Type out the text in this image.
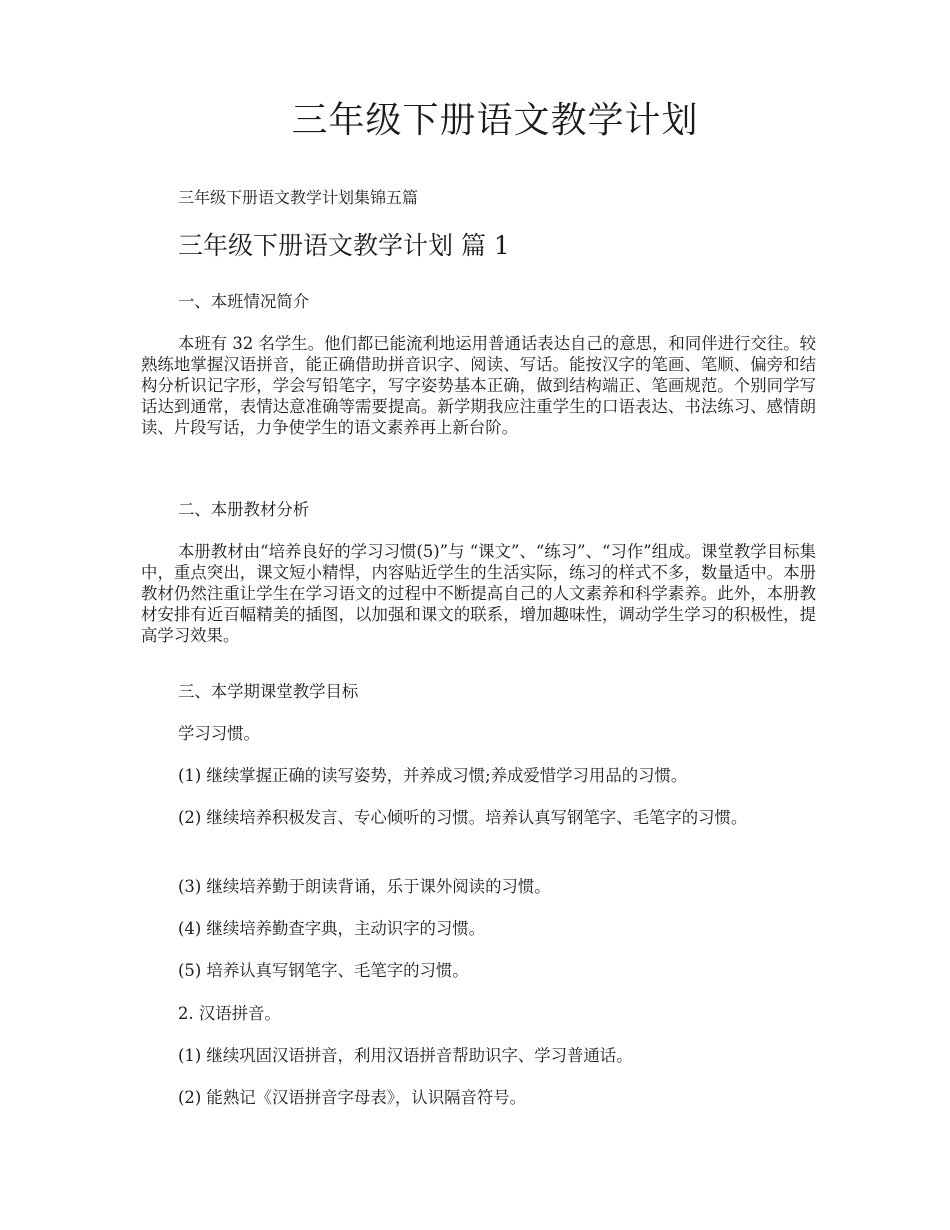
三年级下册语文教学计划

三年级下册语文教学计划集锦五篇

三年级下册语文教学计划 篇 1

一、本班情况简介

本班有 32 名学生。他们都已能流利地运用普通话表达自己的意思，和同伴进行交往。较熟练地掌握汉语拼音，能正确借助拼音识字、阅读、写话。能按汉字的笔画、笔顺、偏旁和结构分析识记字形，学会写铅笔字，写字姿势基本正确，做到结构端正、笔画规范。个别同学写话达到通常，表情达意准确等需要提高。新学期我应注重学生的口语表达、书法练习、感情朗读、片段写话，力争使学生的语文素养再上新台阶。

二、本册教材分析

本册教材由“培养良好的学习习惯(5)”与 “课文”、“练习”、“习作”组成。课堂教学目标集中，重点突出，课文短小精悍，内容贴近学生的生活实际，练习的样式不多，数量适中。本册教材仍然注重让学生在学习语文的过程中不断提高自己的人文素养和科学素养。此外，本册教材安排有近百幅精美的插图，以加强和课文的联系，增加趣味性，调动学生学习的积极性，提高学习效果。

三、本学期课堂教学目标

学习习惯。

(1) 继续掌握正确的读写姿势，并养成习惯;养成爱惜学习用品的习惯。

(2) 继续培养积极发言、专心倾听的习惯。培养认真写钢笔字、毛笔字的习惯。

(3) 继续培养勤于朗读背诵，乐于课外阅读的习惯。

(4) 继续培养勤查字典，主动识字的习惯。

(5) 培养认真写钢笔字、毛笔字的习惯。

2. 汉语拼音。

(1) 继续巩固汉语拼音，利用汉语拼音帮助识字、学习普通话。

(2) 能熟记《汉语拼音字母表》，认识隔音符号。
